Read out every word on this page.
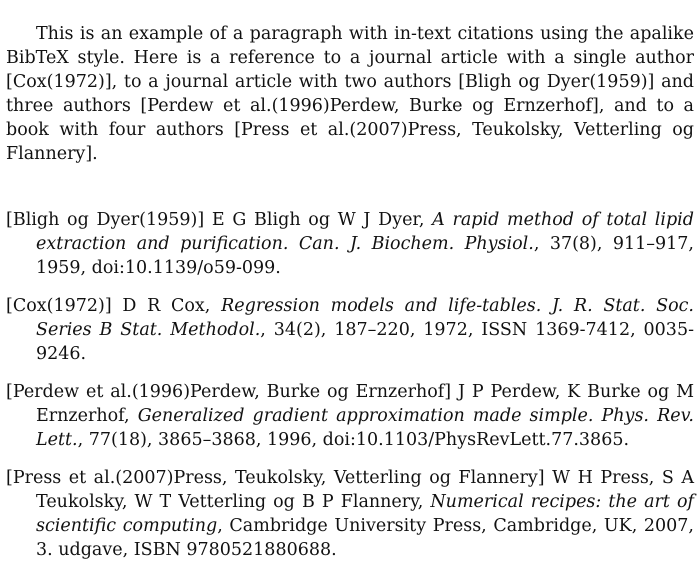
This is an example of a paragraph with in-text citations using the apalike BibTeX style. Here is a reference to a journal article with a single author [Cox(1972)], to a journal article with two authors [Bligh og Dyer(1959)] and three authors [Perdew et al.(1996)Perdew, Burke og Ernzerhof], and to a book with four authors [Press et al.(2007)Press, Teukolsky, Vetterling og Flannery].

[Bligh og Dyer(1959)] E G Bligh og W J Dyer, A rapid method of total lipid extraction and purification. Can. J. Biochem. Physiol., 37(8), 911–917, 1959, doi:10.1139/o59-099.
[Cox(1972)] D R Cox, Regression models and life-tables. J. R. Stat. Soc. Series B Stat. Methodol., 34(2), 187–220, 1972, ISSN 1369-7412, 0035-9246.
[Perdew et al.(1996)Perdew, Burke og Ernzerhof] J P Perdew, K Burke og M Ernzerhof, Generalized gradient approximation made simple. Phys. Rev. Lett., 77(18), 3865–3868, 1996, doi:10.1103/PhysRevLett.77.3865.
[Press et al.(2007)Press, Teukolsky, Vetterling og Flannery] W H Press, S A Teukolsky, W T Vetterling og B P Flannery, Numerical recipes: the art of scientific computing, Cambridge University Press, Cambridge, UK, 2007, 3. udgave, ISBN 9780521880688.
